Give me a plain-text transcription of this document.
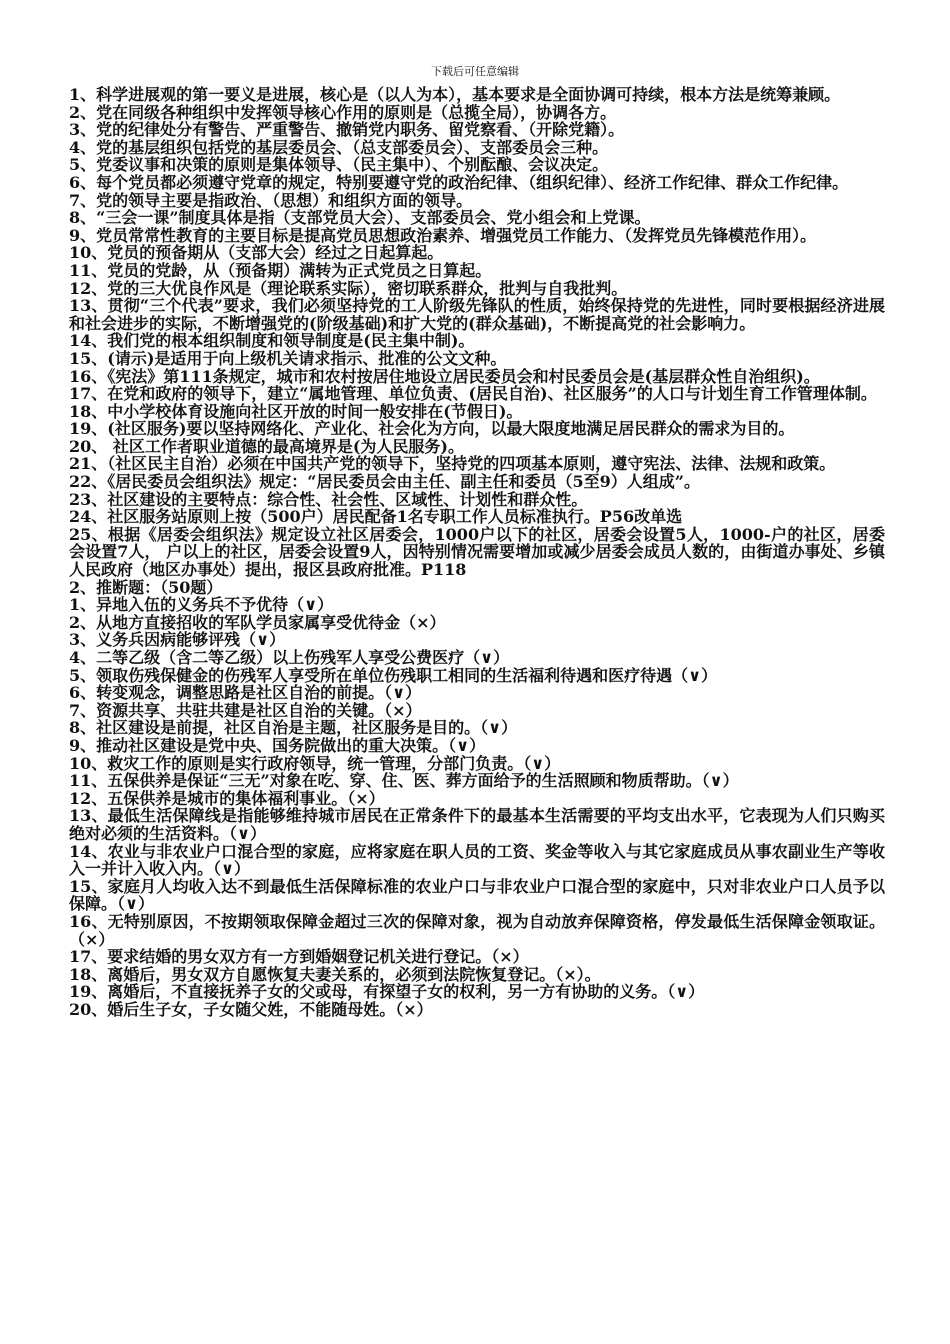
下载后可任意编辑

1、科学进展观的第一要义是进展，核心是（以人为本），基本要求是全面协调可持续，根本方法是统筹兼顾。

2、党在同级各种组织中发挥领导核心作用的原则是（总揽全局），协调各方。

3、党的纪律处分有警告、严重警告、撤销党内职务、留党察看、（开除党籍）。

4、党的基层组织包括党的基层委员会、（总支部委员会）、支部委员会三种。

5、党委议事和决策的原则是集体领导、（民主集中）、个别酝酿、会议决定。

6、每个党员都必须遵守党章的规定，特别要遵守党的政治纪律、（组织纪律）、经济工作纪律、群众工作纪律。

7、党的领导主要是指政治、（思想）和组织方面的领导。

8、“三会一课”制度具体是指（支部党员大会）、支部委员会、党小组会和上党课。

9、党员常常性教育的主要目标是提高党员思想政治素养、增强党员工作能力、（发挥党员先锋模范作用）。

10、党员的预备期从（支部大会）经过之日起算起。

11、党员的党龄，从（预备期）满转为正式党员之日算起。

12、党的三大优良作风是（理论联系实际），密切联系群众，批判与自我批判。

13、贯彻“三个代表”要求，我们必须坚持党的工人阶级先锋队的性质，始终保持党的先进性，同时要根据经济进展和社会进步的实际，不断增强党的(阶级基础)和扩大党的(群众基础)，不断提高党的社会影响力。

14、我们党的根本组织制度和领导制度是(民主集中制)。

15、(请示)是适用于向上级机关请求指示、批准的公文文种。

16、《宪法》第111条规定，城市和农村按居住地设立居民委员会和村民委员会是(基层群众性自治组织)。

17、在党和政府的领导下，建立“属地管理、单位负责、(居民自治)、社区服务”的人口与计划生育工作管理体制。

18、中小学校体育设施向社区开放的时间一般安排在(节假日)。

19、(社区服务)要以坚持网络化、产业化、社会化为方向，以最大限度地满足居民群众的需求为目的。

20、 社区工作者职业道德的最高境界是(为人民服务)。

21、（社区民主自治）必须在中国共产党的领导下，坚持党的四项基本原则，遵守宪法、法律、法规和政策。

22、《居民委员会组织法》规定：“居民委员会由主任、副主任和委员（5至9）人组成”。

23、社区建设的主要特点：综合性、社会性、区域性、计划性和群众性。

24、社区服务站原则上按（500户）居民配备1名专职工作人员标准执行。P56改单选

25、根据《居委会组织法》规定设立社区居委会，1000户以下的社区，居委会设置5人，1000-户的社区，居委会设置7人， 户以上的社区，居委会设置9人，因特别情况需要增加或减少居委会成员人数的，由街道办事处、乡镇人民政府（地区办事处）提出，报区县政府批准。P118

2、推断题：（50题）

1、异地入伍的义务兵不予优待（∨）

2、从地方直接招收的军队学员家属享受优待金（×）

3、义务兵因病能够评残（∨）

4、二等乙级（含二等乙级）以上伤残军人享受公费医疗（∨）

5、领取伤残保健金的伤残军人享受所在单位伤残职工相同的生活福利待遇和医疗待遇（∨）

6、转变观念，调整思路是社区自治的前提。（∨）

7、资源共享、共驻共建是社区自治的关键。（×）

8、社区建设是前提，社区自治是主题，社区服务是目的。（∨）

9、推动社区建设是党中央、国务院做出的重大决策。（∨）

10、救灾工作的原则是实行政府领导，统一管理，分部门负责。（∨）

11、五保供养是保证“三无”对象在吃、穿、住、医、葬方面给予的生活照顾和物质帮助。（∨）

12、五保供养是城市的集体福利事业。（×）

13、最低生活保障线是指能够维持城市居民在正常条件下的最基本生活需要的平均支出水平，它表现为人们只购买绝对必须的生活资料。（∨）

14、农业与非农业户口混合型的家庭，应将家庭在职人员的工资、奖金等收入与其它家庭成员从事农副业生产等收入一并计入收入内。（∨）

15、家庭月人均收入达不到最低生活保障标准的农业户口与非农业户口混合型的家庭中，只对非农业户口人员予以保障。（∨）

16、无特别原因，不按期领取保障金超过三次的保障对象，视为自动放弃保障资格，停发最低生活保障金领取证。（×）

17、要求结婚的男女双方有一方到婚姻登记机关进行登记。（×）

18、离婚后，男女双方自愿恢复夫妻关系的，必须到法院恢复登记。（×）。

19、离婚后，不直接抚养子女的父或母，有探望子女的权利，另一方有协助的义务。（∨）

20、婚后生子女，子女随父姓，不能随母姓。（×）
